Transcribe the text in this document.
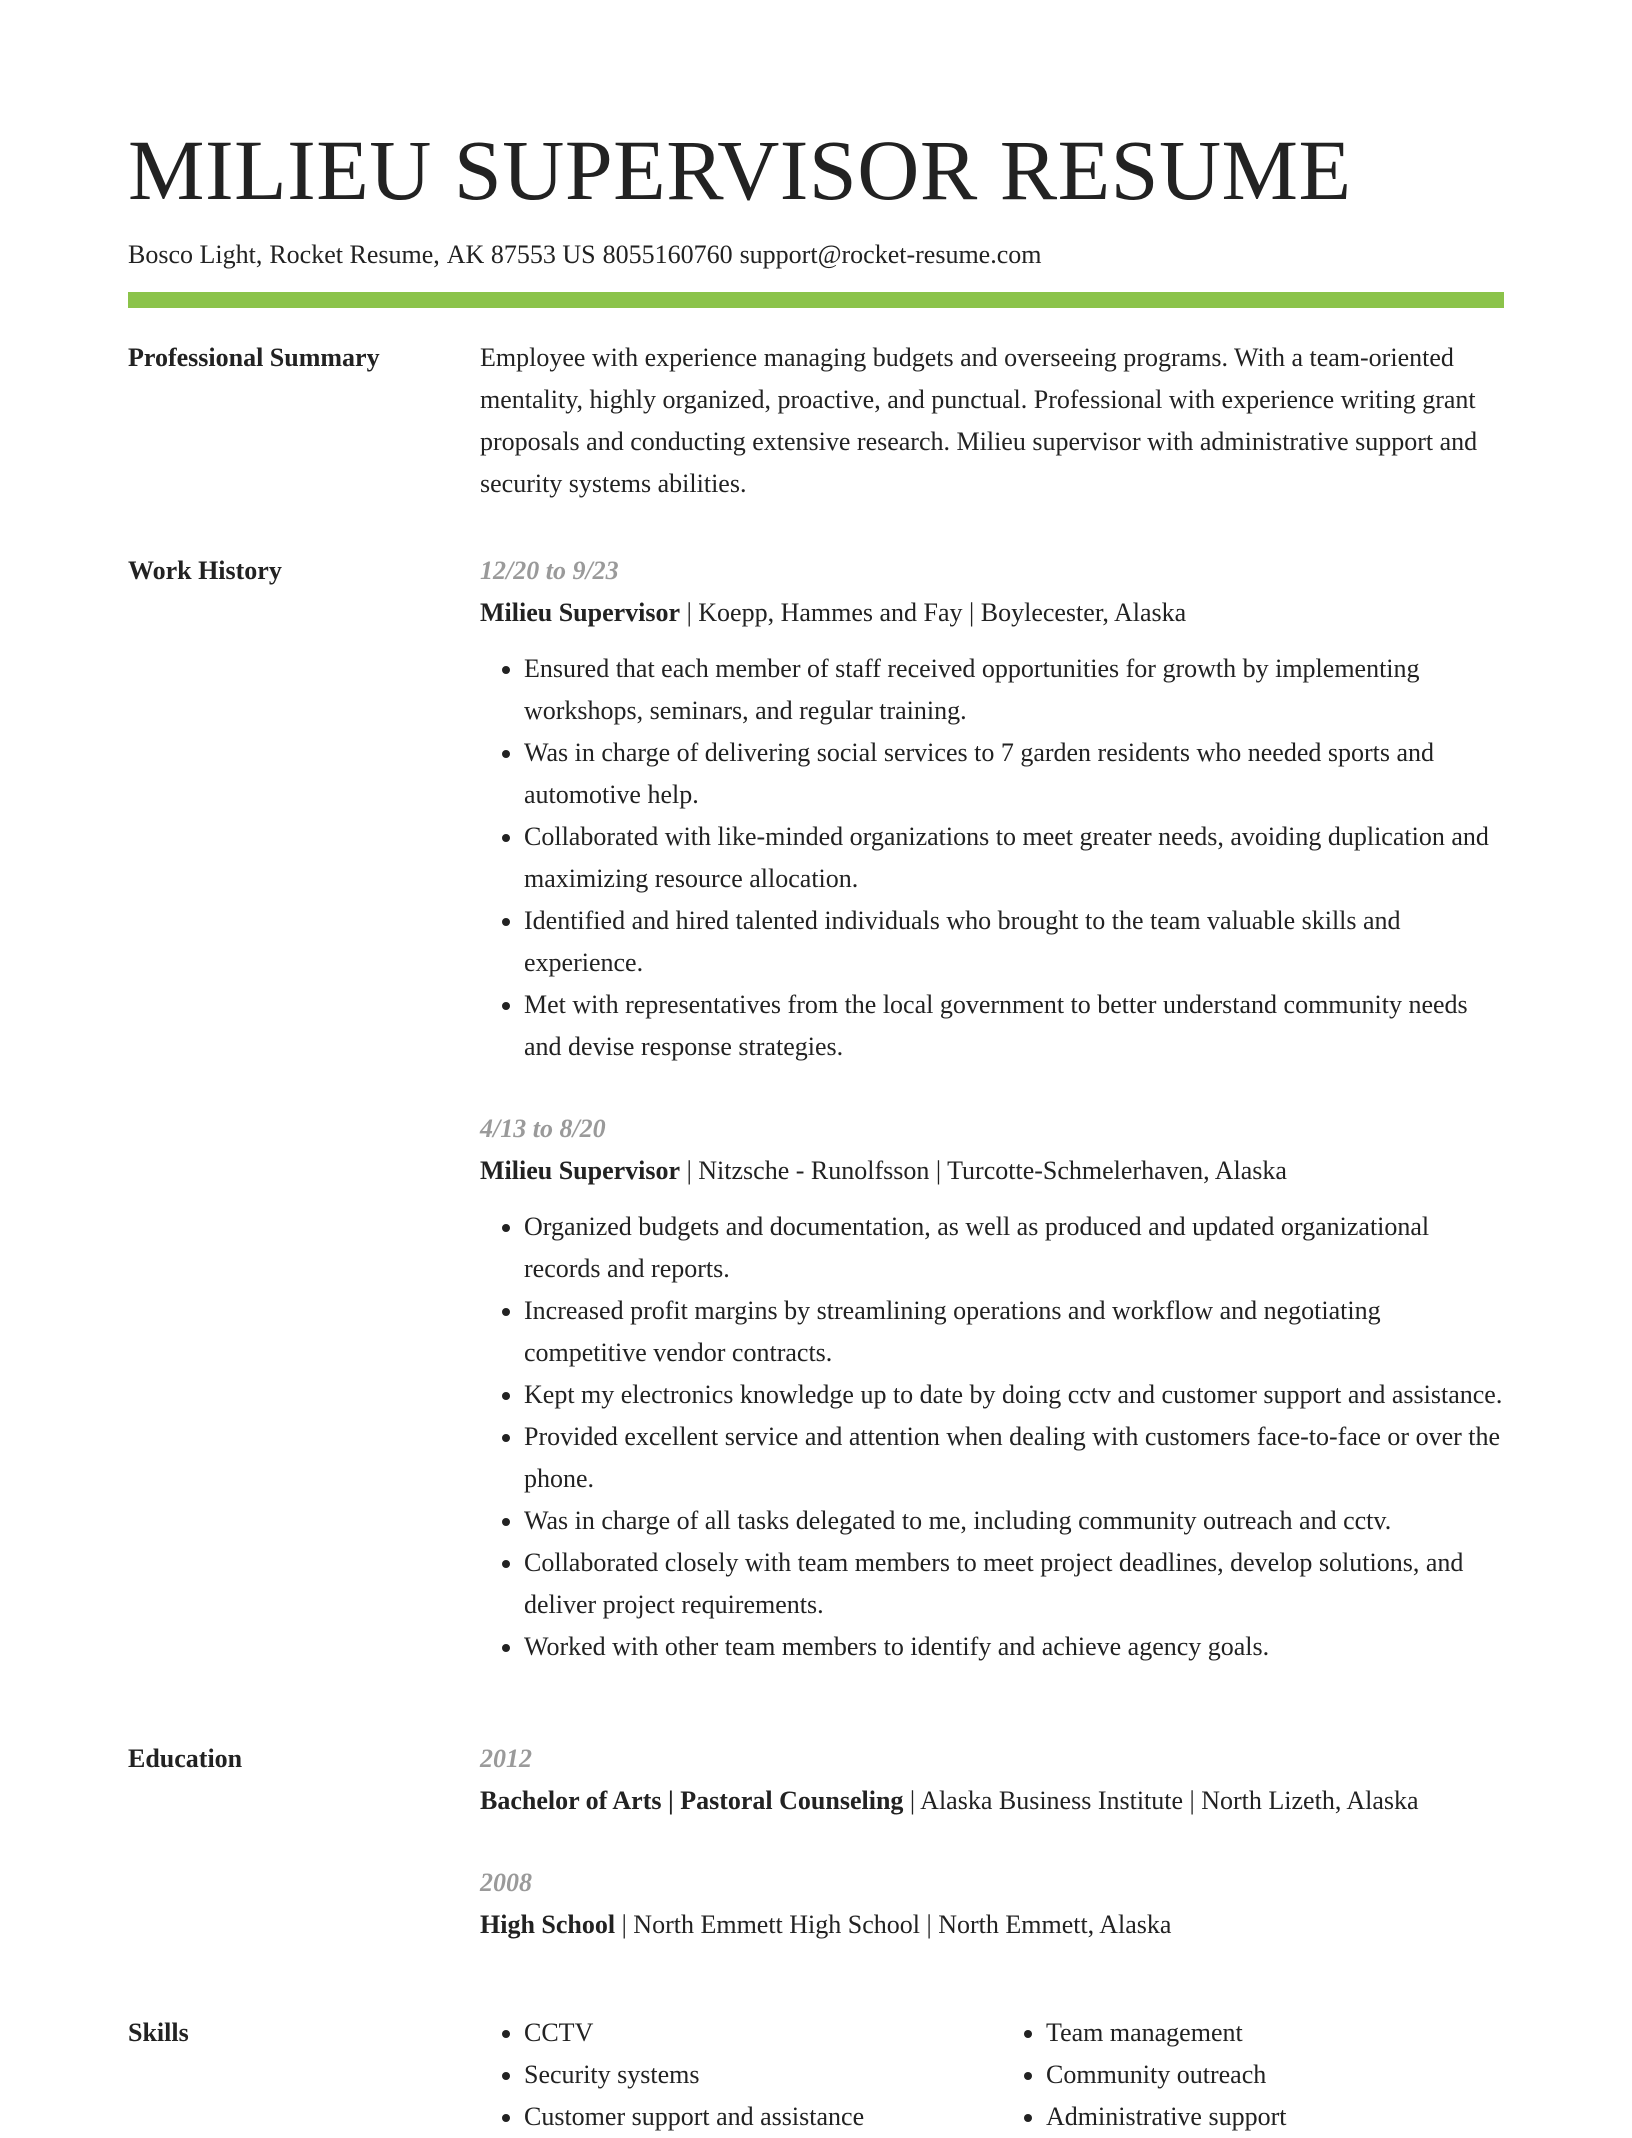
MILIEU SUPERVISOR RESUME
Bosco Light, Rocket Resume, AK 87553 US 8055160760 support@rocket-resume.com
Professional Summary	Employee with experience managing budgets and overseeing programs. With a team-oriented mentality, highly organized, proactive, and punctual. Professional with experience writing grant proposals and conducting extensive research. Milieu supervisor with administrative support and security systems abilities.

Work History	12/20 to 9/23
Milieu Supervisor | Koepp, Hammes and Fay | Boylecester, Alaska
• Ensured that each member of staff received opportunities for growth by implementing workshops, seminars, and regular training.
• Was in charge of delivering social services to 7 garden residents who needed sports and automotive help.
• Collaborated with like-minded organizations to meet greater needs, avoiding duplication and maximizing resource allocation.
• Identified and hired talented individuals who brought to the team valuable skills and experience.
• Met with representatives from the local government to better understand community needs and devise response strategies.
4/13 to 8/20
Milieu Supervisor | Nitzsche - Runolfsson | Turcotte-Schmelerhaven, Alaska
• Organized budgets and documentation, as well as produced and updated organizational records and reports.
• Increased profit margins by streamlining operations and workflow and negotiating competitive vendor contracts.
• Kept my electronics knowledge up to date by doing cctv and customer support and assistance.
• Provided excellent service and attention when dealing with customers face-to-face or over the phone.
• Was in charge of all tasks delegated to me, including community outreach and cctv.
• Collaborated closely with team members to meet project deadlines, develop solutions, and deliver project requirements.
• Worked with other team members to identify and achieve agency goals.
Education	2012
Bachelor of Arts | Pastoral Counseling | Alaska Business Institute | North Lizeth, Alaska
2008
High School | North Emmett High School | North Emmett, Alaska
Skills
•	CCTV
• Security systems
• Customer support and assistance
• Team management
• Community outreach
• Administrative support
